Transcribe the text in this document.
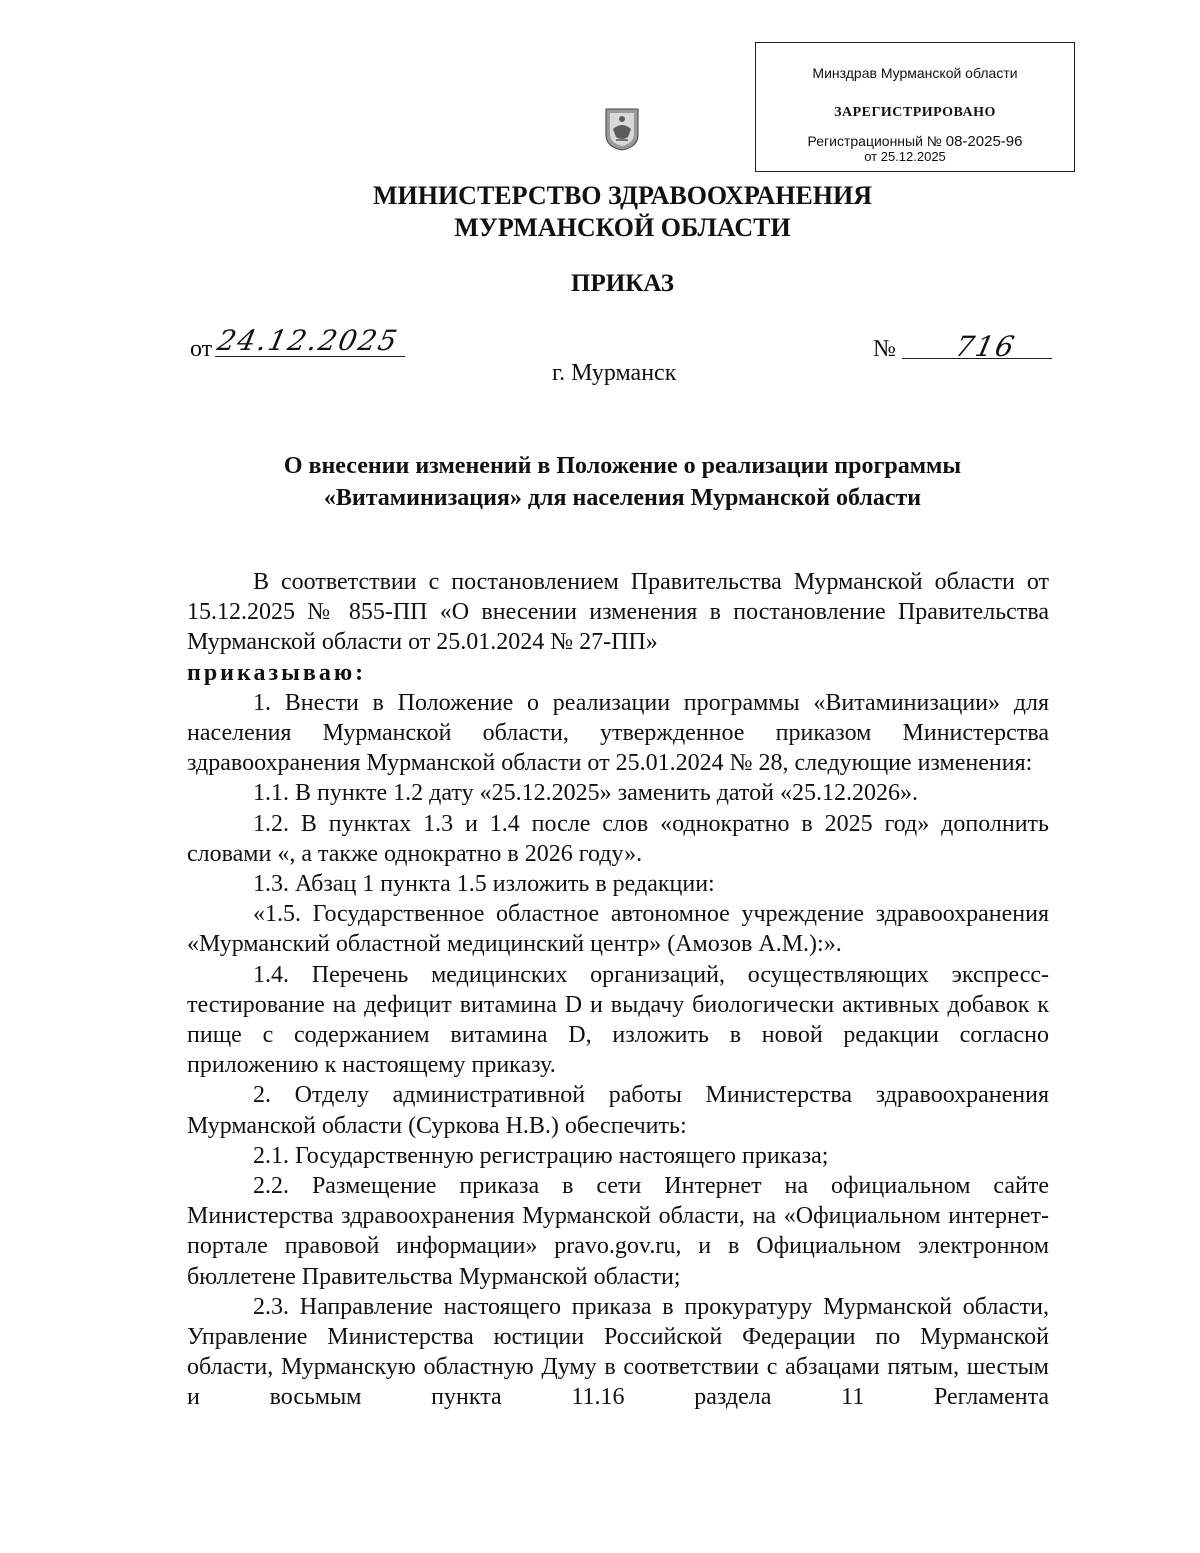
Минздрав Мурманской области
ЗАРЕГИСТРИРОВАНО
Регистрационный № 08-2025-96
от 25.12.2025
МИНИСТЕРСТВО ЗДРАВООХРАНЕНИЯ
МУРМАНСКОЙ ОБЛАСТИ
ПРИКАЗ
от 24.12.2025	№ 716
г. Мурманск
О внесении изменений в Положение о реализации программы
«Витаминизация» для населения Мурманской области

В соответствии с постановлением Правительства Мурманской области от 15.12.2025 № 855-ПП «О внесении изменения в постановление Правительства Мурманской области от 25.01.2024 № 27-ПП»

приказываю:

1. Внести в Положение о реализации программы «Витаминизации» для населения Мурманской области, утвержденное приказом Министерства здравоохранения Мурманской области от 25.01.2024 № 28, следующие изменения:

1.1. В пункте 1.2 дату «25.12.2025» заменить датой «25.12.2026».

1.2. В пунктах 1.3 и 1.4 после слов «однократно в 2025 год» дополнить словами «, а также однократно в 2026 году».

1.3. Абзац 1 пункта 1.5 изложить в редакции:

«1.5. Государственное областное автономное учреждение здравоохранения «Мурманский областной медицинский центр» (Амозов А.М.):».

1.4. Перечень медицинских организаций, осуществляющих экспресс-тестирование на дефицит витамина D и выдачу биологически активных добавок к пище с содержанием витамина D, изложить в новой редакции согласно приложению к настоящему приказу.

2. Отделу административной работы Министерства здравоохранения Мурманской области (Суркова Н.В.) обеспечить:

2.1. Государственную регистрацию настоящего приказа;

2.2. Размещение приказа в сети Интернет на официальном сайте Министерства здравоохранения Мурманской области, на «Официальном интернет-портале правовой информации» pravo.gov.ru, и в Официальном электронном бюллетене Правительства Мурманской области;

2.3. Направление настоящего приказа в прокуратуру Мурманской области, Управление Министерства юстиции Российской Федерации по Мурманской области, Мурманскую областную Думу в соответствии с абзацами пятым, шестым и восьмым пункта 11.16 раздела 11 Регламента
